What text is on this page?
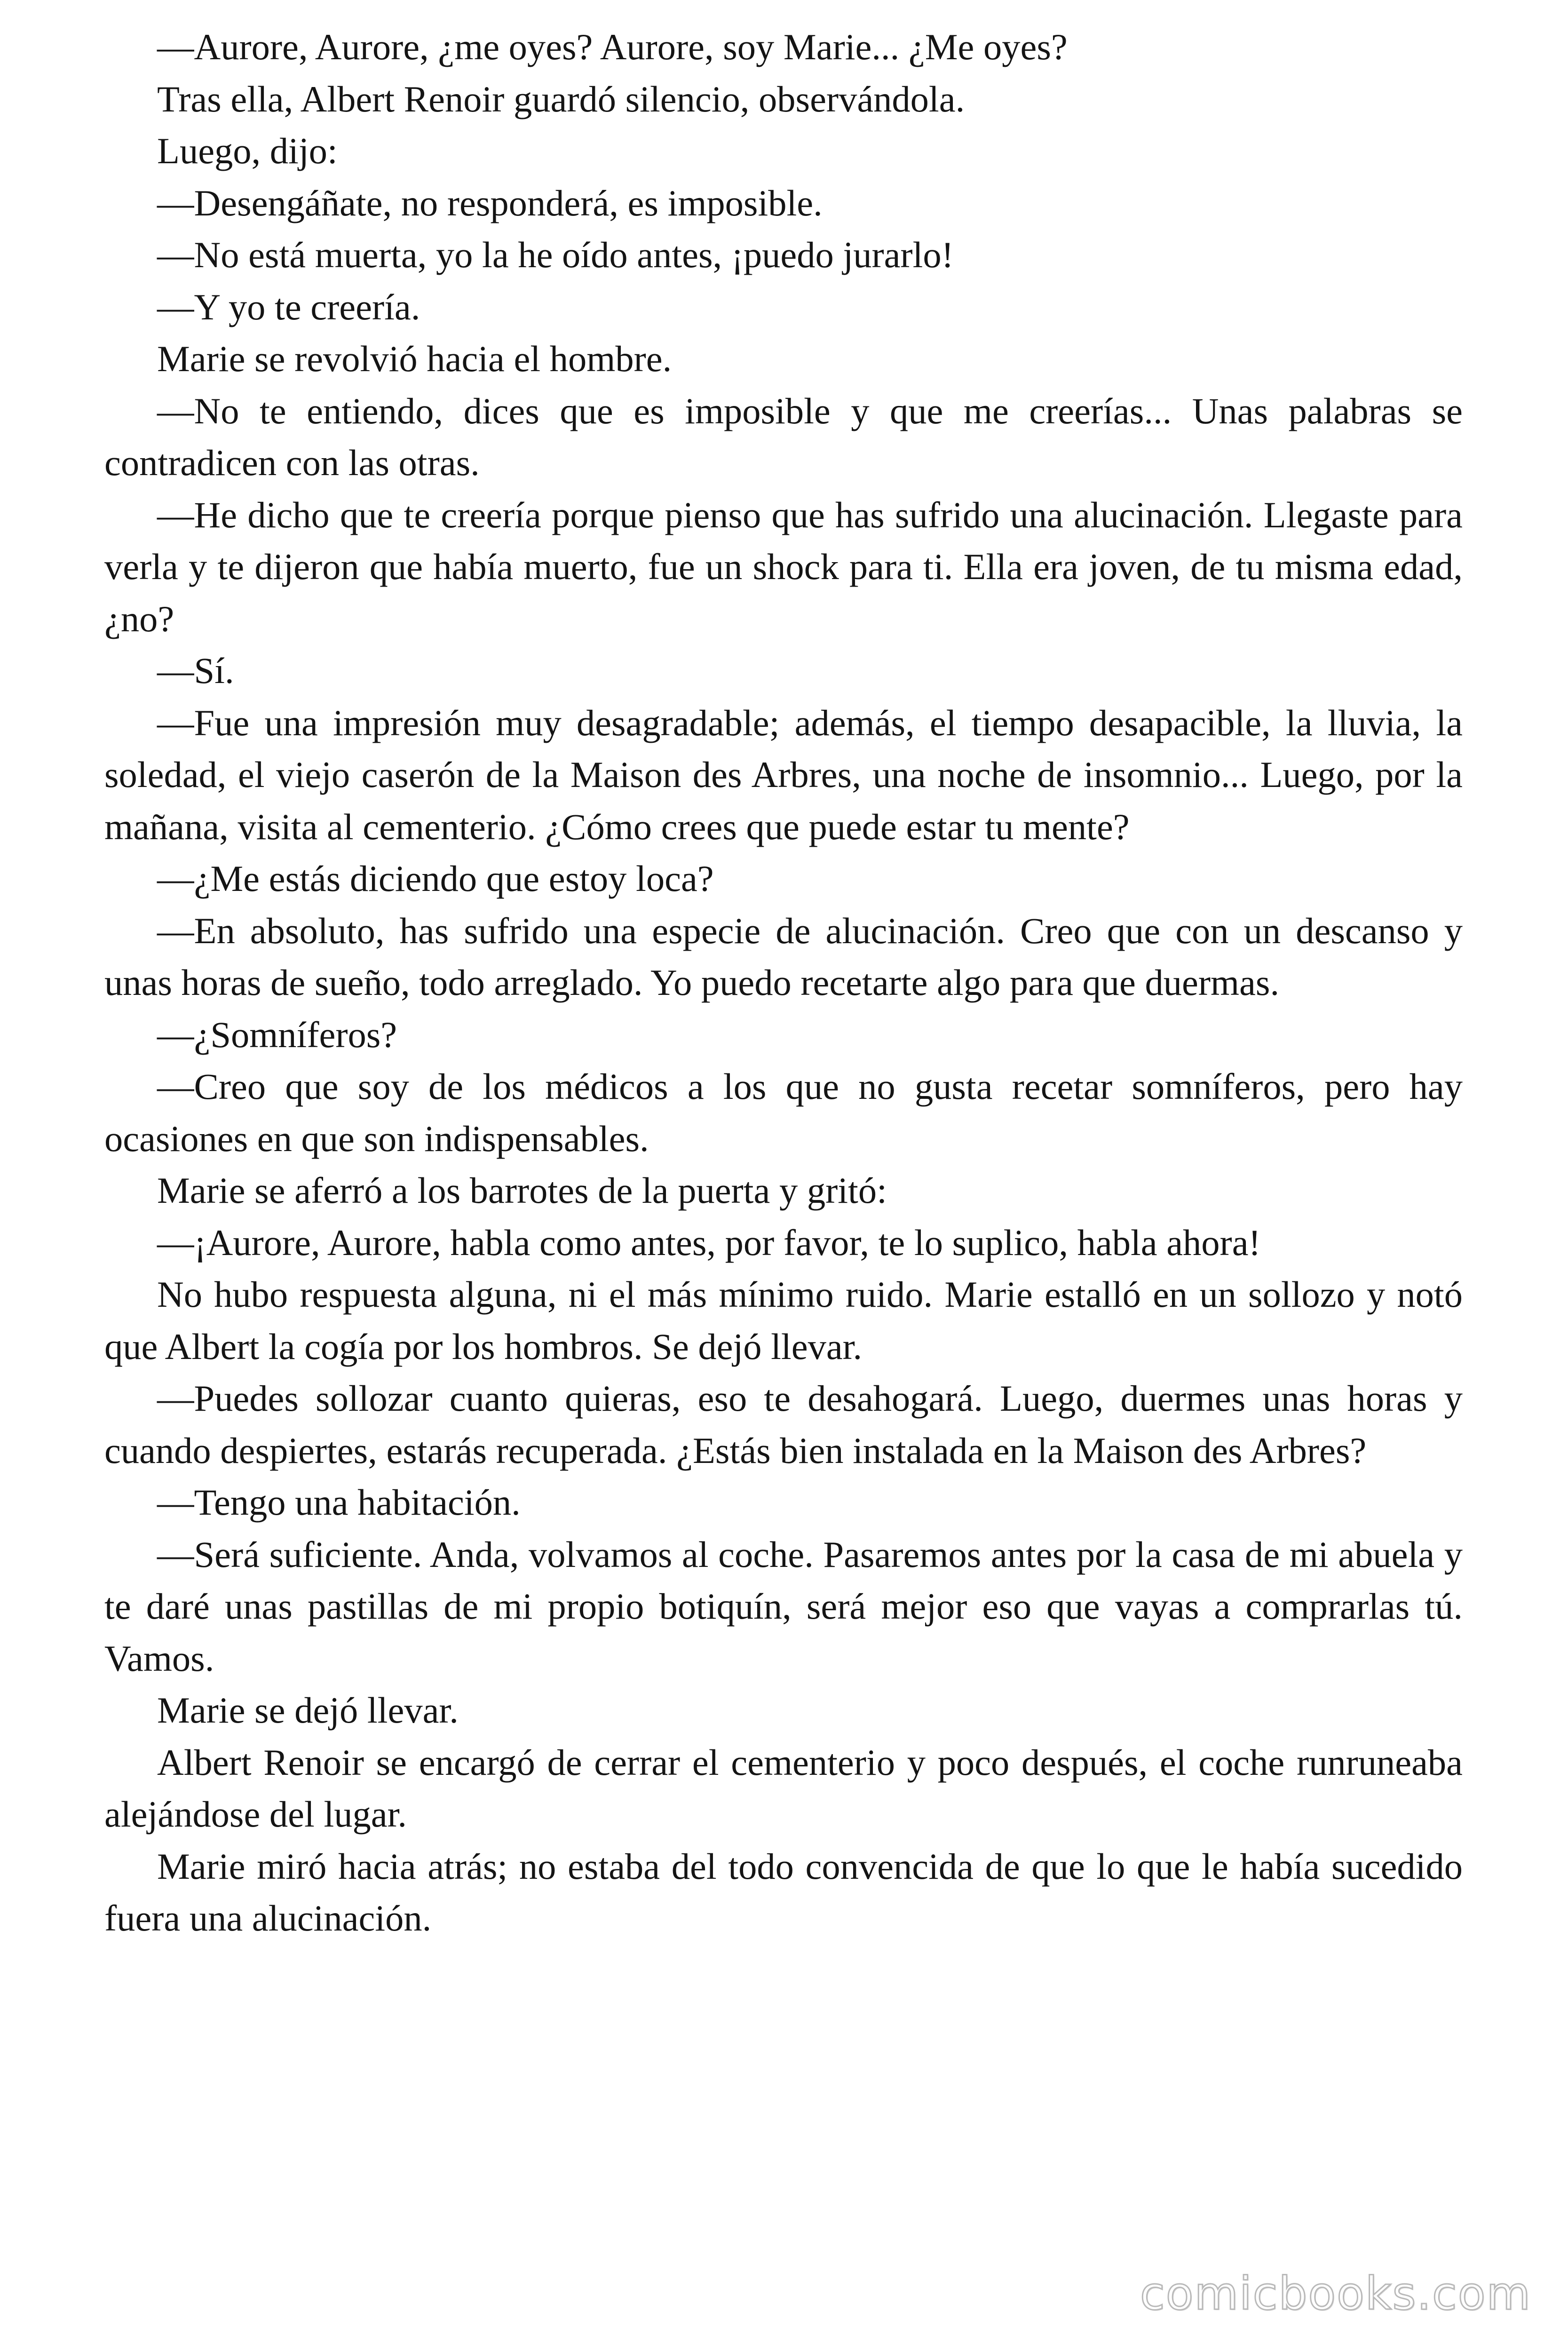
—Aurore, Aurore, ¿me oyes? Aurore, soy Marie... ¿Me oyes?

Tras ella, Albert Renoir guardó silencio, observándola.

Luego, dijo:

—Desengáñate, no responderá, es imposible.

—No está muerta, yo la he oído antes, ¡puedo jurarlo!

—Y yo te creería.

Marie se revolvió hacia el hombre.

—No te entiendo, dices que es imposible y que me creerías... Unas palabras se contradicen con las otras.

—He dicho que te creería porque pienso que has sufrido una alucinación. Llegaste para verla y te dijeron que había muerto, fue un shock para ti. Ella era joven, de tu misma edad, ¿no?

—Sí.

—Fue una impresión muy desagradable; además, el tiempo desapacible, la lluvia, la soledad, el viejo caserón de la Maison des Arbres, una noche de insomnio... Luego, por la mañana, visita al cementerio. ¿Cómo crees que puede estar tu mente?

—¿Me estás diciendo que estoy loca?

—En absoluto, has sufrido una especie de alucinación. Creo que con un descanso y unas horas de sueño, todo arreglado. Yo puedo recetarte algo para que duermas.

—¿Somníferos?

—Creo que soy de los médicos a los que no gusta recetar somníferos, pero hay ocasiones en que son indispensables.

Marie se aferró a los barrotes de la puerta y gritó:

—¡Aurore, Aurore, habla como antes, por favor, te lo suplico, habla ahora!

No hubo respuesta alguna, ni el más mínimo ruido. Marie estalló en un sollozo y notó que Albert la cogía por los hombros. Se dejó llevar.

—Puedes sollozar cuanto quieras, eso te desahogará. Luego, duermes unas horas y cuando despiertes, estarás recuperada. ¿Estás bien instalada en la Maison des Arbres?

—Tengo una habitación.

—Será suficiente. Anda, volvamos al coche. Pasaremos antes por la casa de mi abuela y te daré unas pastillas de mi propio botiquín, será mejor eso que vayas a comprarlas tú. Vamos.

Marie se dejó llevar.

Albert Renoir se encargó de cerrar el cementerio y poco después, el coche runruneaba alejándose del lugar.

Marie miró hacia atrás; no estaba del todo convencida de que lo que le había sucedido fuera una alucinación.

comicbooks.com
